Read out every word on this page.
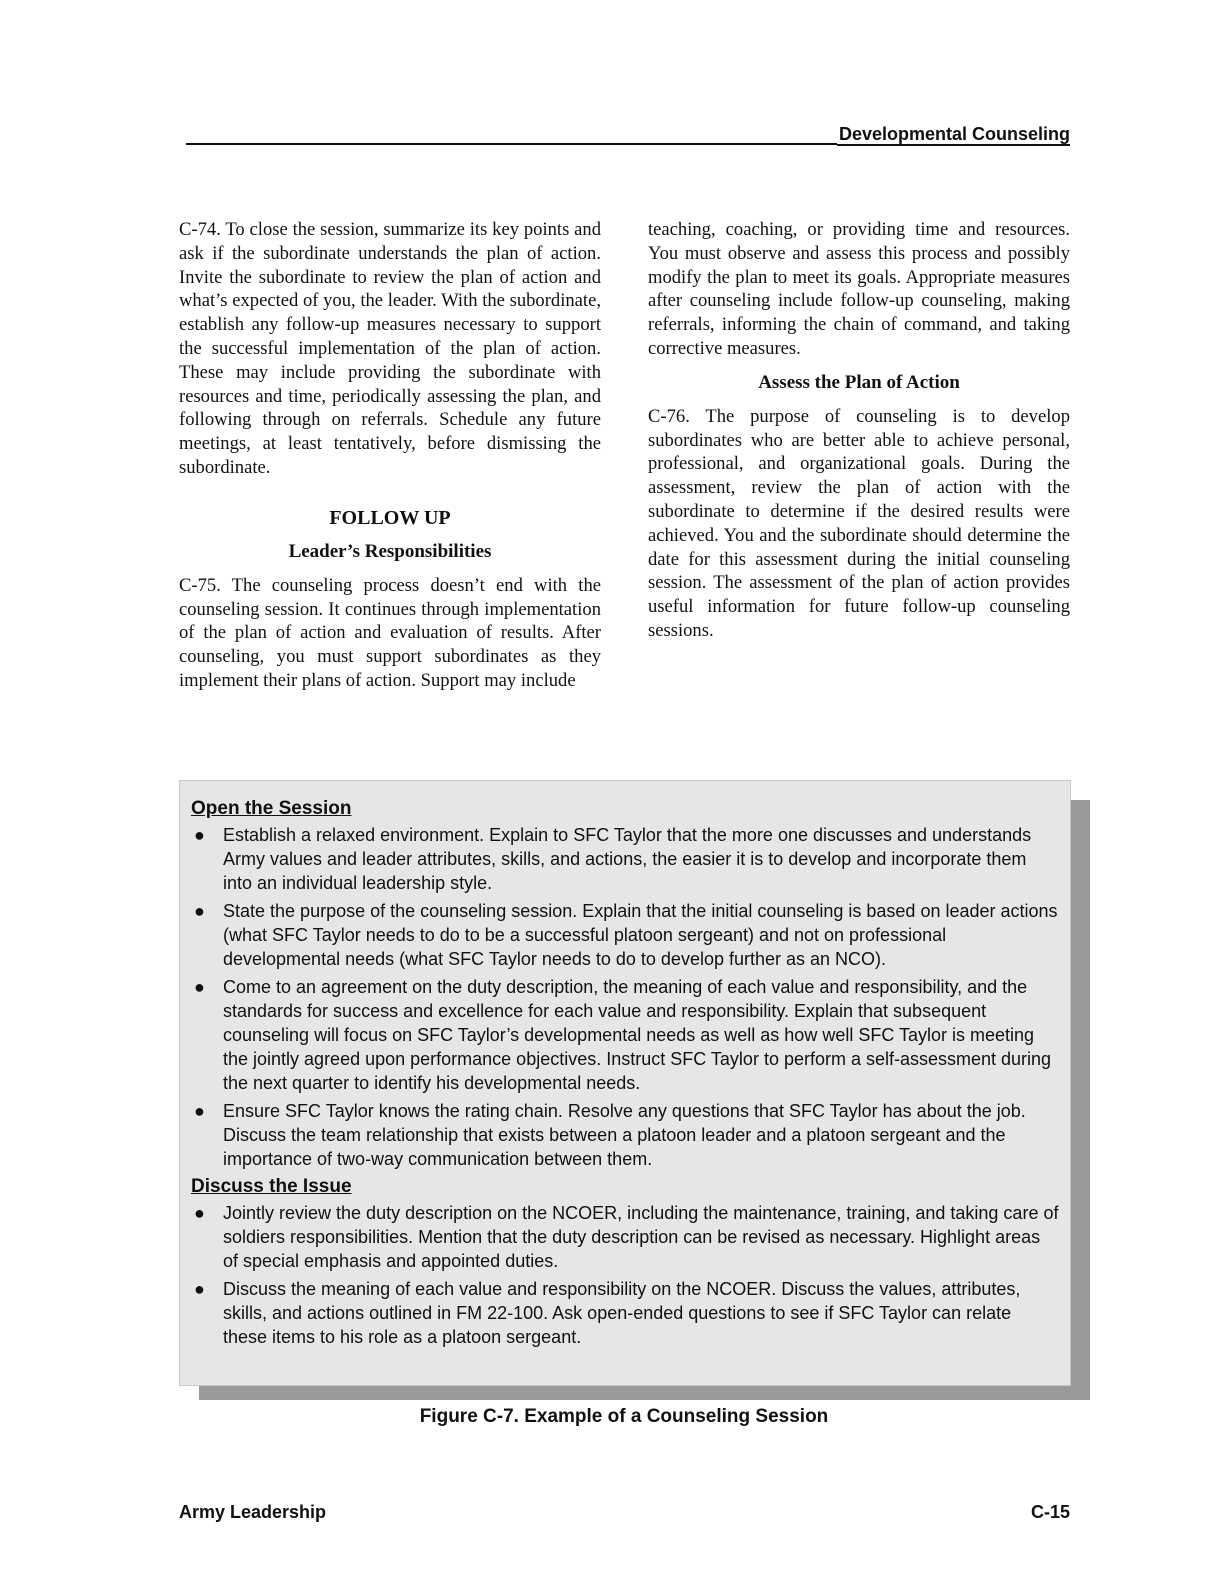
Developmental Counseling

C-74. To close the session, summarize its key points and ask if the subordinate understands the plan of action. Invite the subordinate to review the plan of action and what’s expected of you, the leader. With the subordinate, establish any follow-up measures necessary to support the successful implementation of the plan of action. These may include providing the subordinate with resources and time, periodically assessing the plan, and following through on referrals. Schedule any future meetings, at least tentatively, before dismissing the subordinate.

FOLLOW UP
Leader’s Responsibilities

C-75. The counseling process doesn’t end with the counseling session. It continues through implementation of the plan of action and evaluation of results. After counseling, you must support subordinates as they implement their plans of action. Support may include

teaching, coaching, or providing time and resources. You must observe and assess this process and possibly modify the plan to meet its goals. Appropriate measures after counseling include follow-up counseling, making referrals, informing the chain of command, and taking corrective measures.

Assess the Plan of Action

C-76. The purpose of counseling is to develop subordinates who are better able to achieve personal, professional, and organizational goals. During the assessment, review the plan of action with the subordinate to determine if the desired results were achieved. You and the subordinate should determine the date for this assessment during the initial counseling session. The assessment of the plan of action provides useful information for future follow-up counseling sessions.

Open the Session
● Establish a relaxed environment. Explain to SFC Taylor that the more one discusses and understands Army values and leader attributes, skills, and actions, the easier it is to develop and incorporate them into an individual leadership style.
● State the purpose of the counseling session. Explain that the initial counseling is based on leader actions (what SFC Taylor needs to do to be a successful platoon sergeant) and not on professional developmental needs (what SFC Taylor needs to do to develop further as an NCO).
● Come to an agreement on the duty description, the meaning of each value and responsibility, and the standards for success and excellence for each value and responsibility. Explain that subsequent counseling will focus on SFC Taylor’s developmental needs as well as how well SFC Taylor is meeting the jointly agreed upon performance objectives. Instruct SFC Taylor to perform a self-assessment during the next quarter to identify his developmental needs.
● Ensure SFC Taylor knows the rating chain. Resolve any questions that SFC Taylor has about the job. Discuss the team relationship that exists between a platoon leader and a platoon sergeant and the importance of two-way communication between them.
Discuss the Issue
● Jointly review the duty description on the NCOER, including the maintenance, training, and taking care of soldiers responsibilities. Mention that the duty description can be revised as necessary. Highlight areas of special emphasis and appointed duties.
● Discuss the meaning of each value and responsibility on the NCOER. Discuss the values, attributes, skills, and actions outlined in FM 22-100. Ask open-ended questions to see if SFC Taylor can relate these items to his role as a platoon sergeant.
Figure C-7. Example of a Counseling Session
Army Leadership	C-15
